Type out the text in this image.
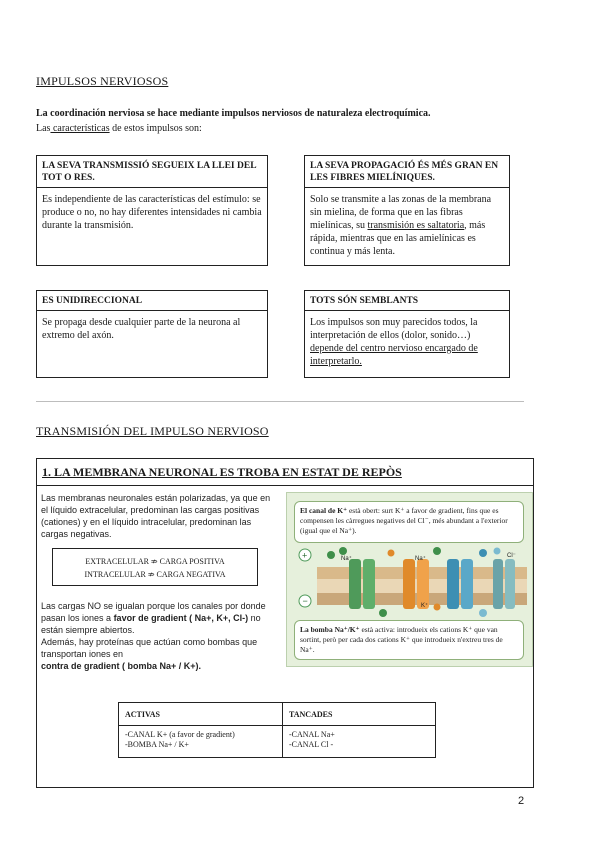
IMPULSOS NERVIOSOS
La coordinación nerviosa se hace mediante impulsos nerviosos de naturaleza electroquímica.
Las características de estos impulsos son:
LA SEVA TRANSMISSIÓ SEGUEIX LA LLEI DEL TOT O RES.
Es independiente de las características del estímulo: se produce o no, no hay diferentes intensidades ni cambia durante la transmisión.
LA SEVA PROPAGACIÓ ÉS MÉS GRAN EN LES FIBRES MIELÍNIQUES.
Solo se transmite a las zonas de la membrana sin mielina, de forma que en las fibras mielínicas, su transmisión es saltatoria, más rápida, mientras que en las amielínicas es continua y más lenta.
ES UNIDIRECCIONAL
Se propaga desde cualquier parte de la neurona al extremo del axón.
TOTS SÓN SEMBLANTS
Los impulsos son muy parecidos todos, la interpretación de ellos (dolor, sonido…) depende del centro nervioso encargado de interpretarlo.
TRANSMISIÓN DEL IMPULSO NERVIOSO
1. LA MEMBRANA NEURONAL ES TROBA EN ESTAT DE REPÒS
Las membranas neuronales están polarizadas, ya que en el líquido extracelular, predominan las cargas positivas (cationes) y en el líquido intracelular, predominan las cargas negativas.
EXTRACELULAR ⇏ CARGA POSITIVA
INTRACELULAR ⇏ CARGA NEGATIVA
Las cargas NO se igualan porque los canales por donde pasan los iones a favor de gradient ( Na+, K+, Cl-) no están siempre abiertos.
Además, hay proteínas que actúan como bombas que transportan iones en
contra de gradient ( bomba Na+ / K+).
El canal de K⁺ està obert: surt K⁺ a favor de gradient, fins que es compensen les càrregues negatives del Cl⁻, més abundant a l'exterior (igual que el Na⁺).
+
−
Na⁺	Na⁺
K⁺
Cl⁻
La bomba Na⁺/K⁺ està activa: introdueix els cations K⁺ que van sortint, però per cada dos cations K⁺ que introdueix n'extreu tres de Na⁺.
ACTIVAS
-CANAL K+ (a favor de gradient)
-BOMBA Na+ / K+
TANCADES
-CANAL Na+
-CANAL Cl -
2
